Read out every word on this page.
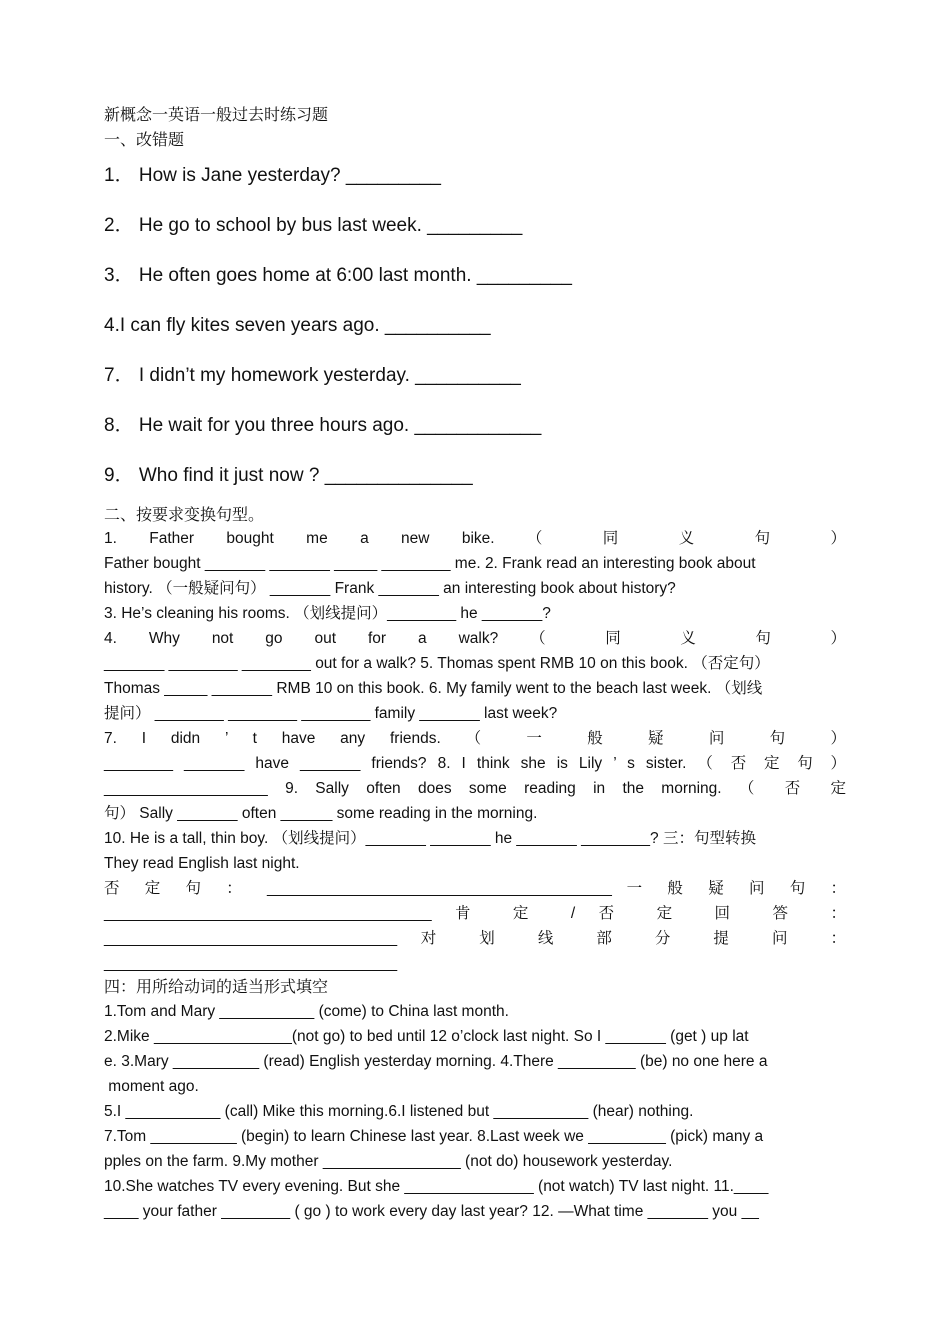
新概念一英语一般过去时练习题
一、改错题
1． How is Jane yesterday? _________
2． He go to school by bus last week. _________
3． He often goes home at 6:00 last month. _________
4.I can fly kites seven years ago. __________
7． I didn’t my homework yesterday. __________
8． He wait for you three hours ago. ____________
9． Who find it just now ? ______________
二、按要求变换句型。
1. Father bought me a new bike. （ 同 义 句 ）
Father bought _______ _______ _____ ________ me. 2. Frank read an interesting book about
history. （一般疑问句） _______ Frank _______ an interesting book about history?
3. He’s cleaning his rooms. （划线提问）________ he _______?
4. Why not go out for a walk? （ 同 义 句 ）
_______ ________ ________ out for a walk? 5. Thomas spent RMB 10 on this book. （否定句）
Thomas _____ _______ RMB 10 on this book. 6. My family went to the beach last week. （划线
提问） ________ ________ ________ family _______ last week?
7. I didn ’ t have any friends. （ 一 般 疑 问 句 ）
________ _______ have _______ friends? 8. I think she is Lily ’ s sister. （ 否 定 句 ）
___________________ 9. Sally often does some reading in the morning. （ 否 定
句） Sally _______ often ______ some reading in the morning.
10. He is a tall, thin boy. （划线提问）_______ _______ he _______ ________? 三：句型转换
They read English last night.
否 定 句 ： ________________________________________ 一 般 疑 问 句 ：
______________________________________ 肯 定 / 否 定 回 答 ：
__________________________________ 对 划 线 部 分 提 问 ：
__________________________________
四：用所给动词的适当形式填空
1.Tom and Mary ___________ (come) to China last month.
2.Mike ________________(not go) to bed until 12 o’clock last night. So I _______ (get ) up lat
e. 3.Mary __________ (read) English yesterday morning. 4.There _________ (be) no one here a
moment ago.
5.I ___________ (call) Mike this morning.6.I listened but ___________ (hear) nothing.
7.Tom __________ (begin) to learn Chinese last year. 8.Last week we _________ (pick) many a
pples on the farm. 9.My mother ________________ (not do) housework yesterday.
10.She watches TV every evening. But she _______________ (not watch) TV last night. 11.____
____ your father ________ ( go ) to work every day last year? 12. —What time _______ you __
